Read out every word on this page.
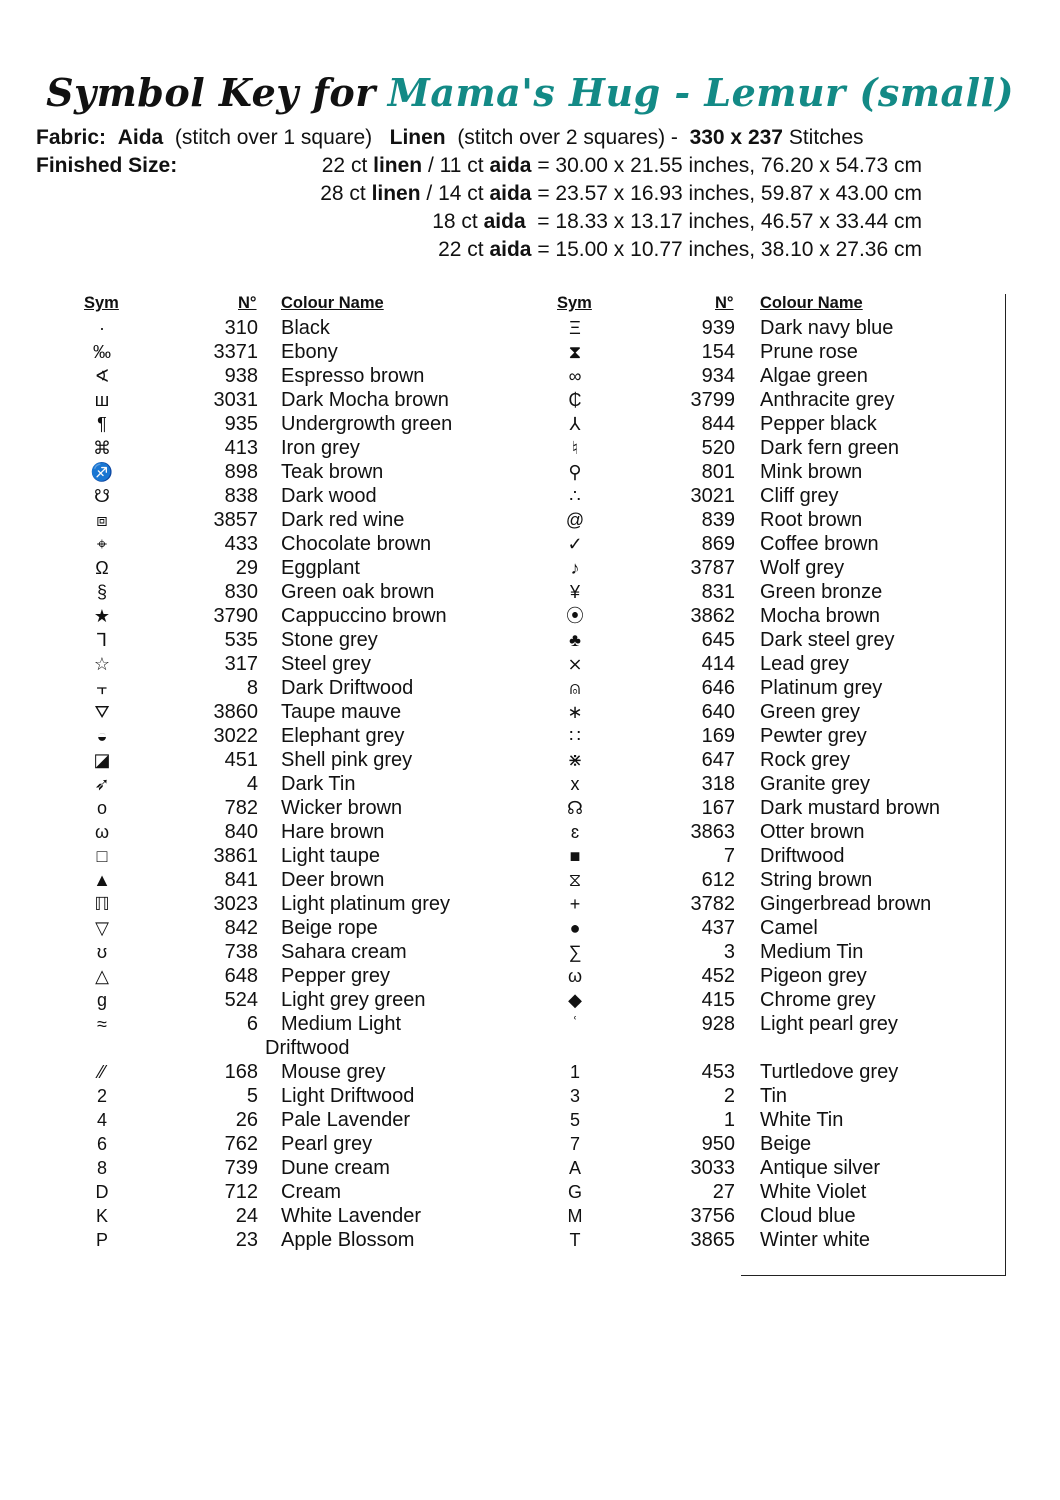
Symbol Key for Mama's Hug - Lemur (small)
Fabric: Aida (stitch over 1 square) Linen (stitch over 2 squares) - 330 x 237 Stitches
Finished Size:	22 ct linen / 11 ct aida = 30.00 x 21.55 inches, 76.20 x 54.73 cm
28 ct linen / 14 ct aida = 23.57 x 16.93 inches, 59.87 x 43.00 cm
18 ct aida  = 18.33 x 13.17 inches, 46.57 x 33.44 cm
22 ct aida = 15.00 x 10.77 inches, 38.10 x 27.36 cm
Sym	N° Colour Name	Sym	N° Colour Name
·	310 Black
‰	3371 Ebony
∢	938 Espresso brown
ш	3031 Dark Mocha brown
¶	935 Undergrowth green
⌘	413 Iron grey
♐	898 Teak brown
☋	838 Dark wood
⧈	3857 Dark red wine
⌖	433 Chocolate brown
Ω	29 Eggplant
§	830 Green oak brown
★	3790 Cappuccino brown
Ꞁ	535 Stone grey
☆	317 Steel grey
⫟	8 Dark Driftwood
⛛	3860 Taupe mauve
◒	3022 Elephant grey
◪	451 Shell pink grey
➶	4 Dark Tin
o	782 Wicker brown
ω	840 Hare brown
□	3861 Light taupe
▲	841 Deer brown
ℿ	3023 Light platinum grey
▽	842 Beige rope
ʊ	738 Sahara cream
△	648 Pepper grey
g	524 Light grey green
≈	6 Medium Light
Driftwood
⁄⁄	168 Mouse grey
2	5 Light Driftwood
4	26 Pale Lavender
6	762 Pearl grey
8	739 Dune cream
D	712 Cream
K	24 White Lavender
P	23 Apple Blossom
Ξ	939 Dark navy blue
⧗	154 Prune rose
∞	934 Algae green
₵	3799 Anthracite grey
⅄	844 Pepper black
♮	520 Dark fern green
⚲	801 Mink brown
∴	3021 Cliff grey
@	839 Root brown
✓	869 Coffee brown
♪	3787 Wolf grey
¥	831 Green bronze
⦿	3862 Mocha brown
♣	645 Dark steel grey
⨯	414 Lead grey
⍝	646 Platinum grey
∗	640 Green grey
∷	169 Pewter grey
⋇	647 Rock grey
x	318 Granite grey
☊	167 Dark mustard brown
ɛ	3863 Otter brown
■	7 Driftwood
⧖	612 String brown
+	3782 Gingerbread brown
●	437 Camel
∑	3 Medium Tin
ω	452 Pigeon grey
◆	415 Chrome grey
ʿ	928 Light pearl grey
1	453 Turtledove grey
3	2 Tin
5	1 White Tin
7	950 Beige
A	3033 Antique silver
G	27 White Violet
M	3756 Cloud blue
T	3865 Winter white
